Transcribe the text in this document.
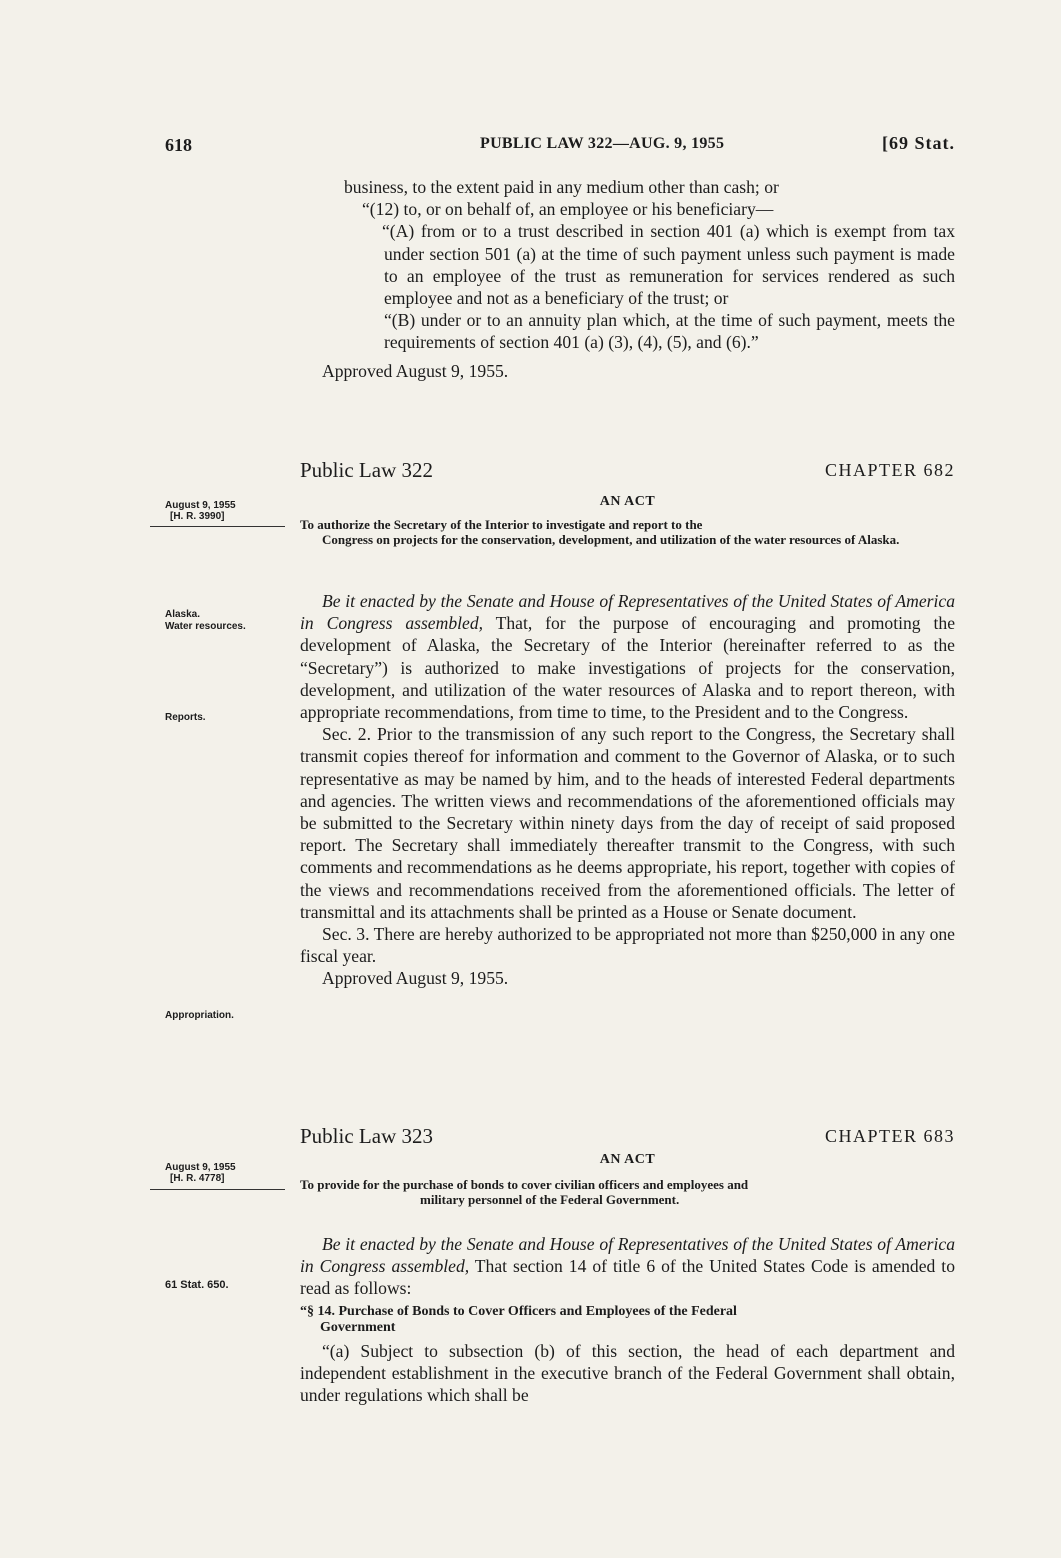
618	PUBLIC LAW 322—AUG. 9, 1955	[69 Stat.

business, to the extent paid in any medium other than cash; or

“(12) to, or on behalf of, an employee or his beneficiary—

“(A) from or to a trust described in section 401 (a) which is exempt from tax under section 501 (a) at the time of such payment unless such payment is made to an employee of the trust as remuneration for services rendered as such employee and not as a beneficiary of the trust; or

“(B) under or to an annuity plan which, at the time of such payment, meets the requirements of section 401 (a) (3), (4), (5), and (6).”

Approved August 9, 1955.

Public Law 322	CHAPTER 682
AN ACT
August 9, 1955
[H. R. 3990]
To authorize the Secretary of the Interior to investigate and report to the
Congress on projects for the conservation, development, and utilization of the water resources of Alaska.
Alaska.
Water resources.
Reports.
Appropriation.

Be it enacted by the Senate and House of Representatives of the United States of America in Congress assembled, That, for the purpose of encouraging and promoting the development of Alaska, the Secretary of the Interior (hereinafter referred to as the “Secretary”) is authorized to make investigations of projects for the conservation, development, and utilization of the water resources of Alaska and to report thereon, with appropriate recommendations, from time to time, to the President and to the Congress.

Sec. 2. Prior to the transmission of any such report to the Congress, the Secretary shall transmit copies thereof for information and comment to the Governor of Alaska, or to such representative as may be named by him, and to the heads of interested Federal departments and agencies. The written views and recommendations of the aforementioned officials may be submitted to the Secretary within ninety days from the day of receipt of said proposed report. The Secretary shall immediately thereafter transmit to the Congress, with such comments and recommendations as he deems appropriate, his report, together with copies of the views and recommendations received from the aforementioned officials. The letter of transmittal and its attachments shall be printed as a House or Senate document.

Sec. 3. There are hereby authorized to be appropriated not more than $250,000 in any one fiscal year.

Approved August 9, 1955.

Public Law 323	CHAPTER 683
AN ACT
August 9, 1955
[H. R. 4778]	To provide for the purchase of bonds to cover civilian officers and employees and
military personnel of the Federal Government.
61 Stat. 650.

Be it enacted by the Senate and House of Representatives of the United States of America in Congress assembled, That section 14 of title 6 of the United States Code is amended to read as follows:

“§ 14. Purchase of Bonds to Cover Officers and Employees of the Federal
Government

“(a) Subject to subsection (b) of this section, the head of each department and independent establishment in the executive branch of the Federal Government shall obtain, under regulations which shall be
